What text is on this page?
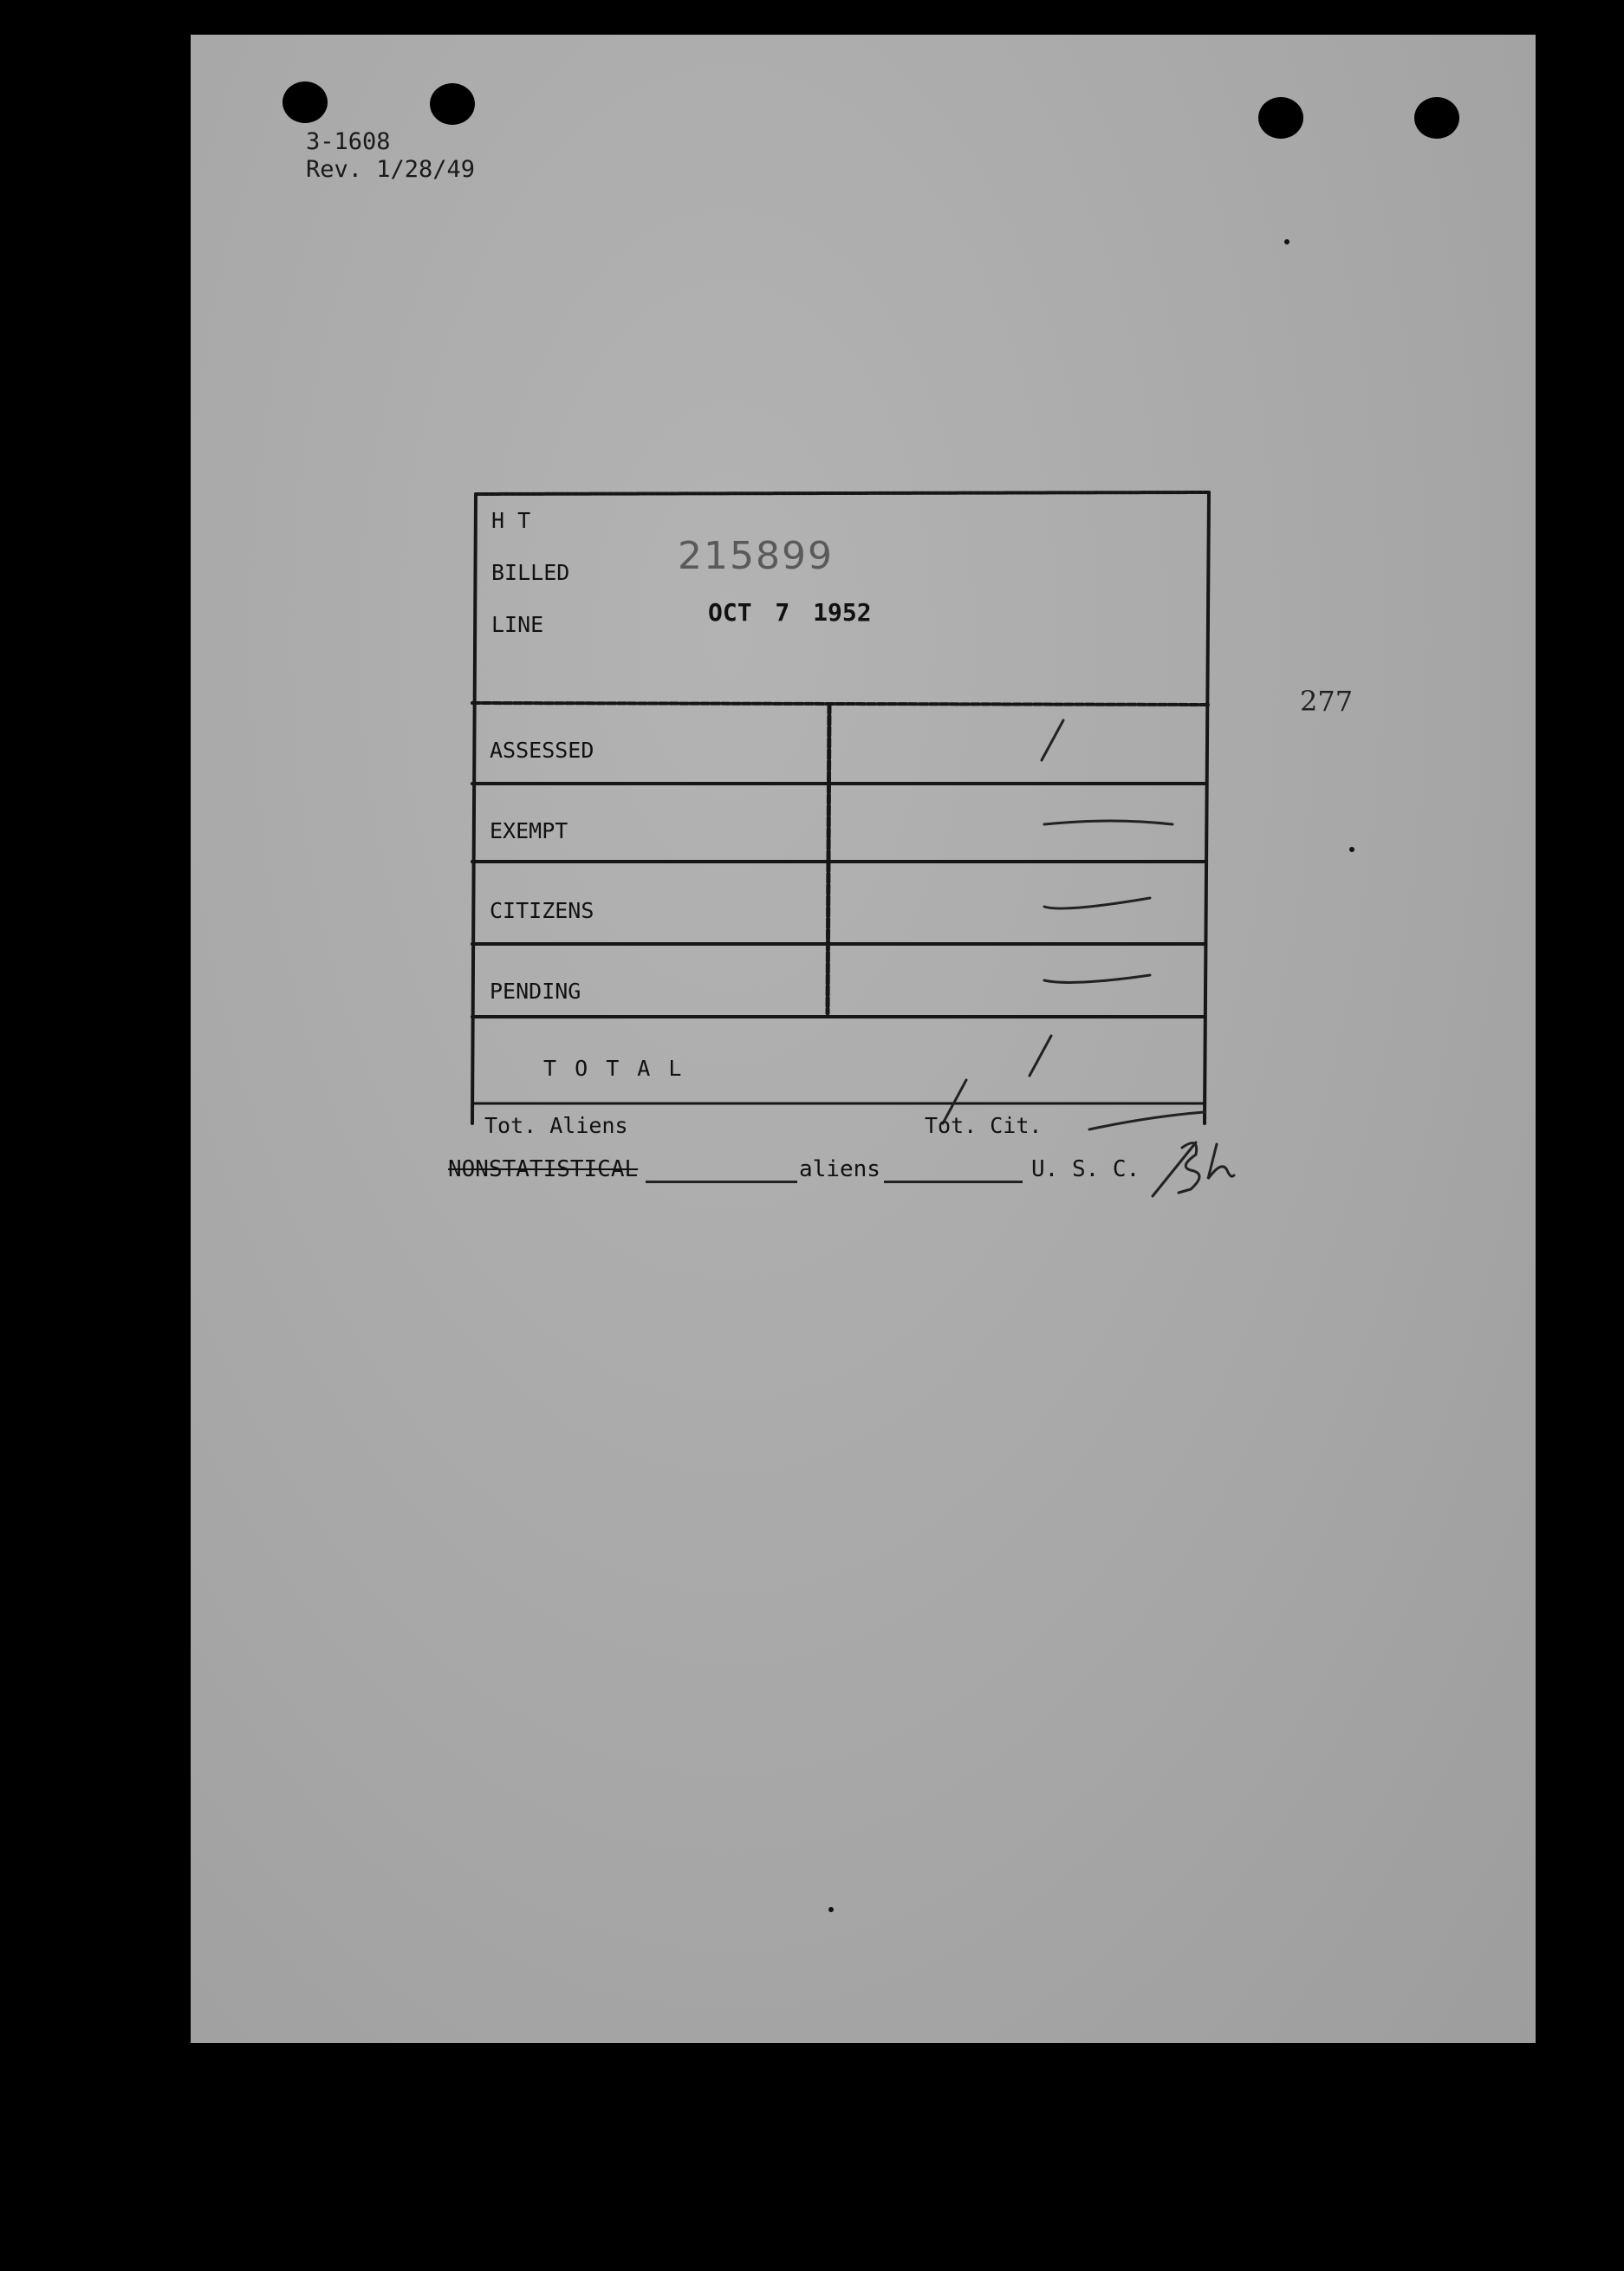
3-1608
Rev. 1/28/49
277
H T
BILLED
LINE
215899
OCT 7 1952
ASSESSED
EXEMPT
CITIZENS
PENDING
T O T A L
Tot. Aliens	Tot. Cit.
NONSTATISTICAL	aliens	U. S. C.
